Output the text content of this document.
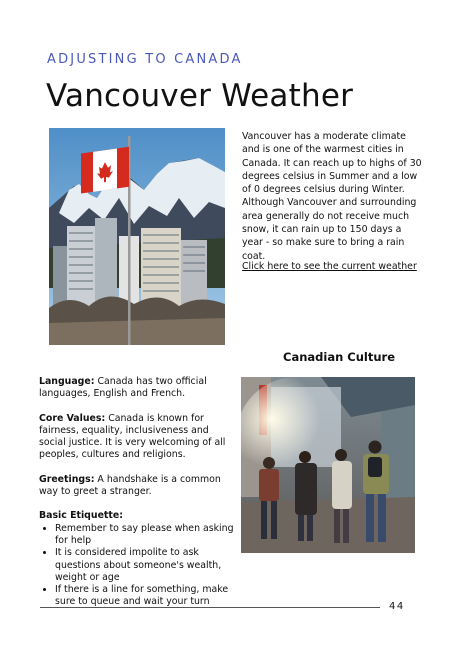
ADJUSTING TO CANADA
Vancouver Weather
Vancouver has a moderate climate and is one of the warmest cities in Canada. It can reach up to highs of 30 degrees celsius in Summer and a low of 0 degrees celsius during Winter. Although Vancouver and surrounding area generally do not receive much snow, it can rain up to 150 days a year - so make sure to bring a rain coat.
Click here to see the current weather
Canadian Culture

Language: Canada has two official languages, English and French.

Core Values: Canada is known for fairness, equality, inclusiveness and social justice. It is very welcoming of all peoples, cultures and religions.

Greetings: A handshake is a common way to greet a stranger.

Basic Etiquette:
• Remember to say please when asking for help
• It is considered impolite to ask questions about someone's wealth, weight or age
• If there is a line for something, make sure to queue and wait your turn	44
